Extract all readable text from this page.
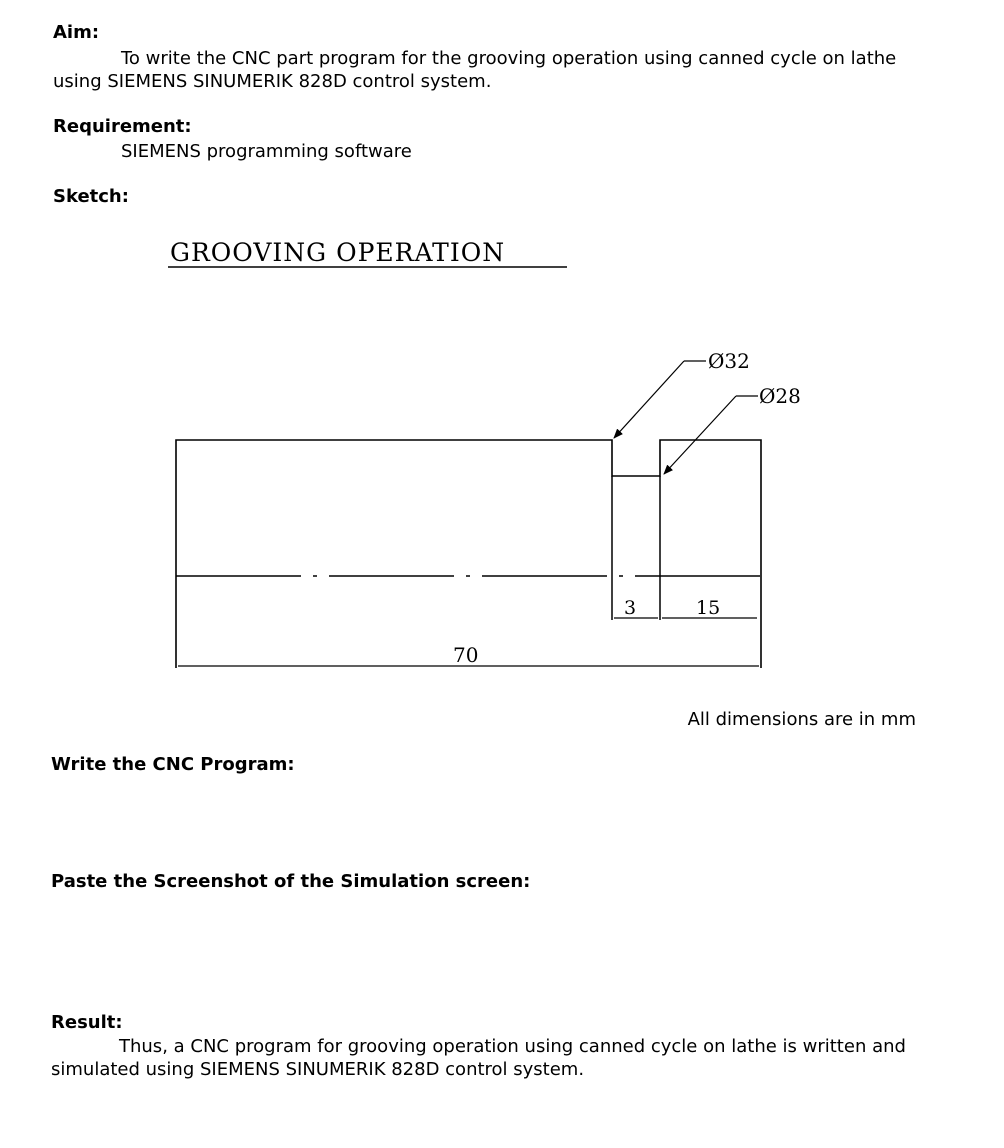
Aim:
To write the CNC part program for the grooving operation using canned cycle on lathe using SIEMENS SINUMERIK 828D control system.
Requirement:
SIEMENS programming software
Sketch:
GROOVING OPERATION
3	15
70
Ø32
Ø28
All dimensions are in mm
Write the CNC Program:
Paste the Screenshot of the Simulation screen:
Result:
Thus, a CNC program for grooving operation using canned cycle on lathe is written and simulated using SIEMENS SINUMERIK 828D control system.
